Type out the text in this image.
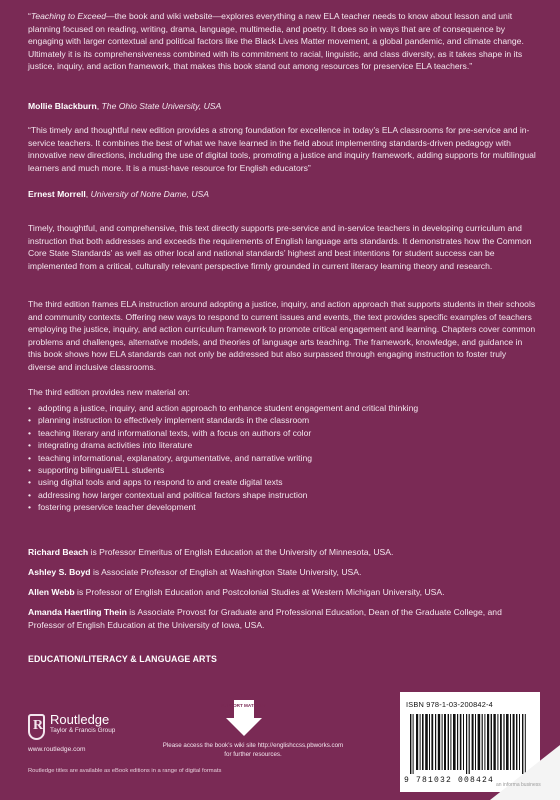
“Teaching to Exceed—the book and wiki website—explores everything a new ELA teacher needs to know about lesson and unit planning focused on reading, writing, drama, language, multimedia, and poetry. It does so in ways that are of consequence by engaging with larger contextual and political factors like the Black Lives Matter movement, a global pandemic, and climate change. Ultimately it is its comprehensiveness combined with its commitment to racial, linguistic, and class diversity, as it takes shape in its justice, inquiry, and action framework, that makes this book stand out among resources for preservice ELA teachers.”
Mollie Blackburn, The Ohio State University, USA
“This timely and thoughtful new edition provides a strong foundation for excellence in today’s ELA classrooms for pre-service and in-service teachers. It combines the best of what we have learned in the field about implementing standards-driven pedagogy with innovative new directions, including the use of digital tools, promoting a justice and inquiry framework, adding supports for multilingual learners and much more. It is a must-have resource for English educators”
Ernest Morrell, University of Notre Dame, USA

Timely, thoughtful, and comprehensive, this text directly supports pre-service and in-service teachers in developing curriculum and instruction that both addresses and exceeds the requirements of English language arts standards. It demonstrates how the Common Core State Standards’ as well as other local and national standards’ highest and best intentions for student success can be implemented from a critical, culturally relevant perspective firmly grounded in current literacy learning theory and research.

The third edition frames ELA instruction around adopting a justice, inquiry, and action approach that supports students in their schools and community contexts. Offering new ways to respond to current issues and events, the text provides specific examples of teachers employing the justice, inquiry, and action curriculum framework to promote critical engagement and learning. Chapters cover common problems and challenges, alternative models, and theories of language arts teaching. The framework, knowledge, and guidance in this book shows how ELA standards can not only be addressed but also surpassed through engaging instruction to foster truly diverse and inclusive classrooms.

The third edition provides new material on:

• adopting a justice, inquiry, and action approach to enhance student engagement and critical thinking
• planning instruction to effectively implement standards in the classroom
• teaching literary and informational texts, with a focus on authors of color
• integrating drama activities into literature
• teaching informational, explanatory, argumentative, and narrative writing
• supporting bilingual/ELL students
• using digital tools and apps to respond to and create digital texts
• addressing how larger contextual and political factors shape instruction
• fostering preservice teacher development
Richard Beach is Professor Emeritus of English Education at the University of Minnesota, USA.
Ashley S. Boyd is Associate Professor of English at Washington State University, USA.
Allen Webb is Professor of English Education and Postcolonial Studies at Western Michigan University, USA.
Amanda Haertling Thein is Associate Provost for Graduate and Professional Education, Dean of the Graduate College, and Professor of English Education at the University of Iowa, USA.
EDUCATION/LITERACY & LANGUAGE ARTS
R Routledge
Taylor & Francis Group
www.routledge.com
SUPPORT MATERIAL
Please access the book’s wiki site http://englishccss.pbworks.com for further resources.
ISBN 978-1-03-200842-4
9 781032 008424 an informa business
Routledge titles are available as eBook editions in a range of digital formats
